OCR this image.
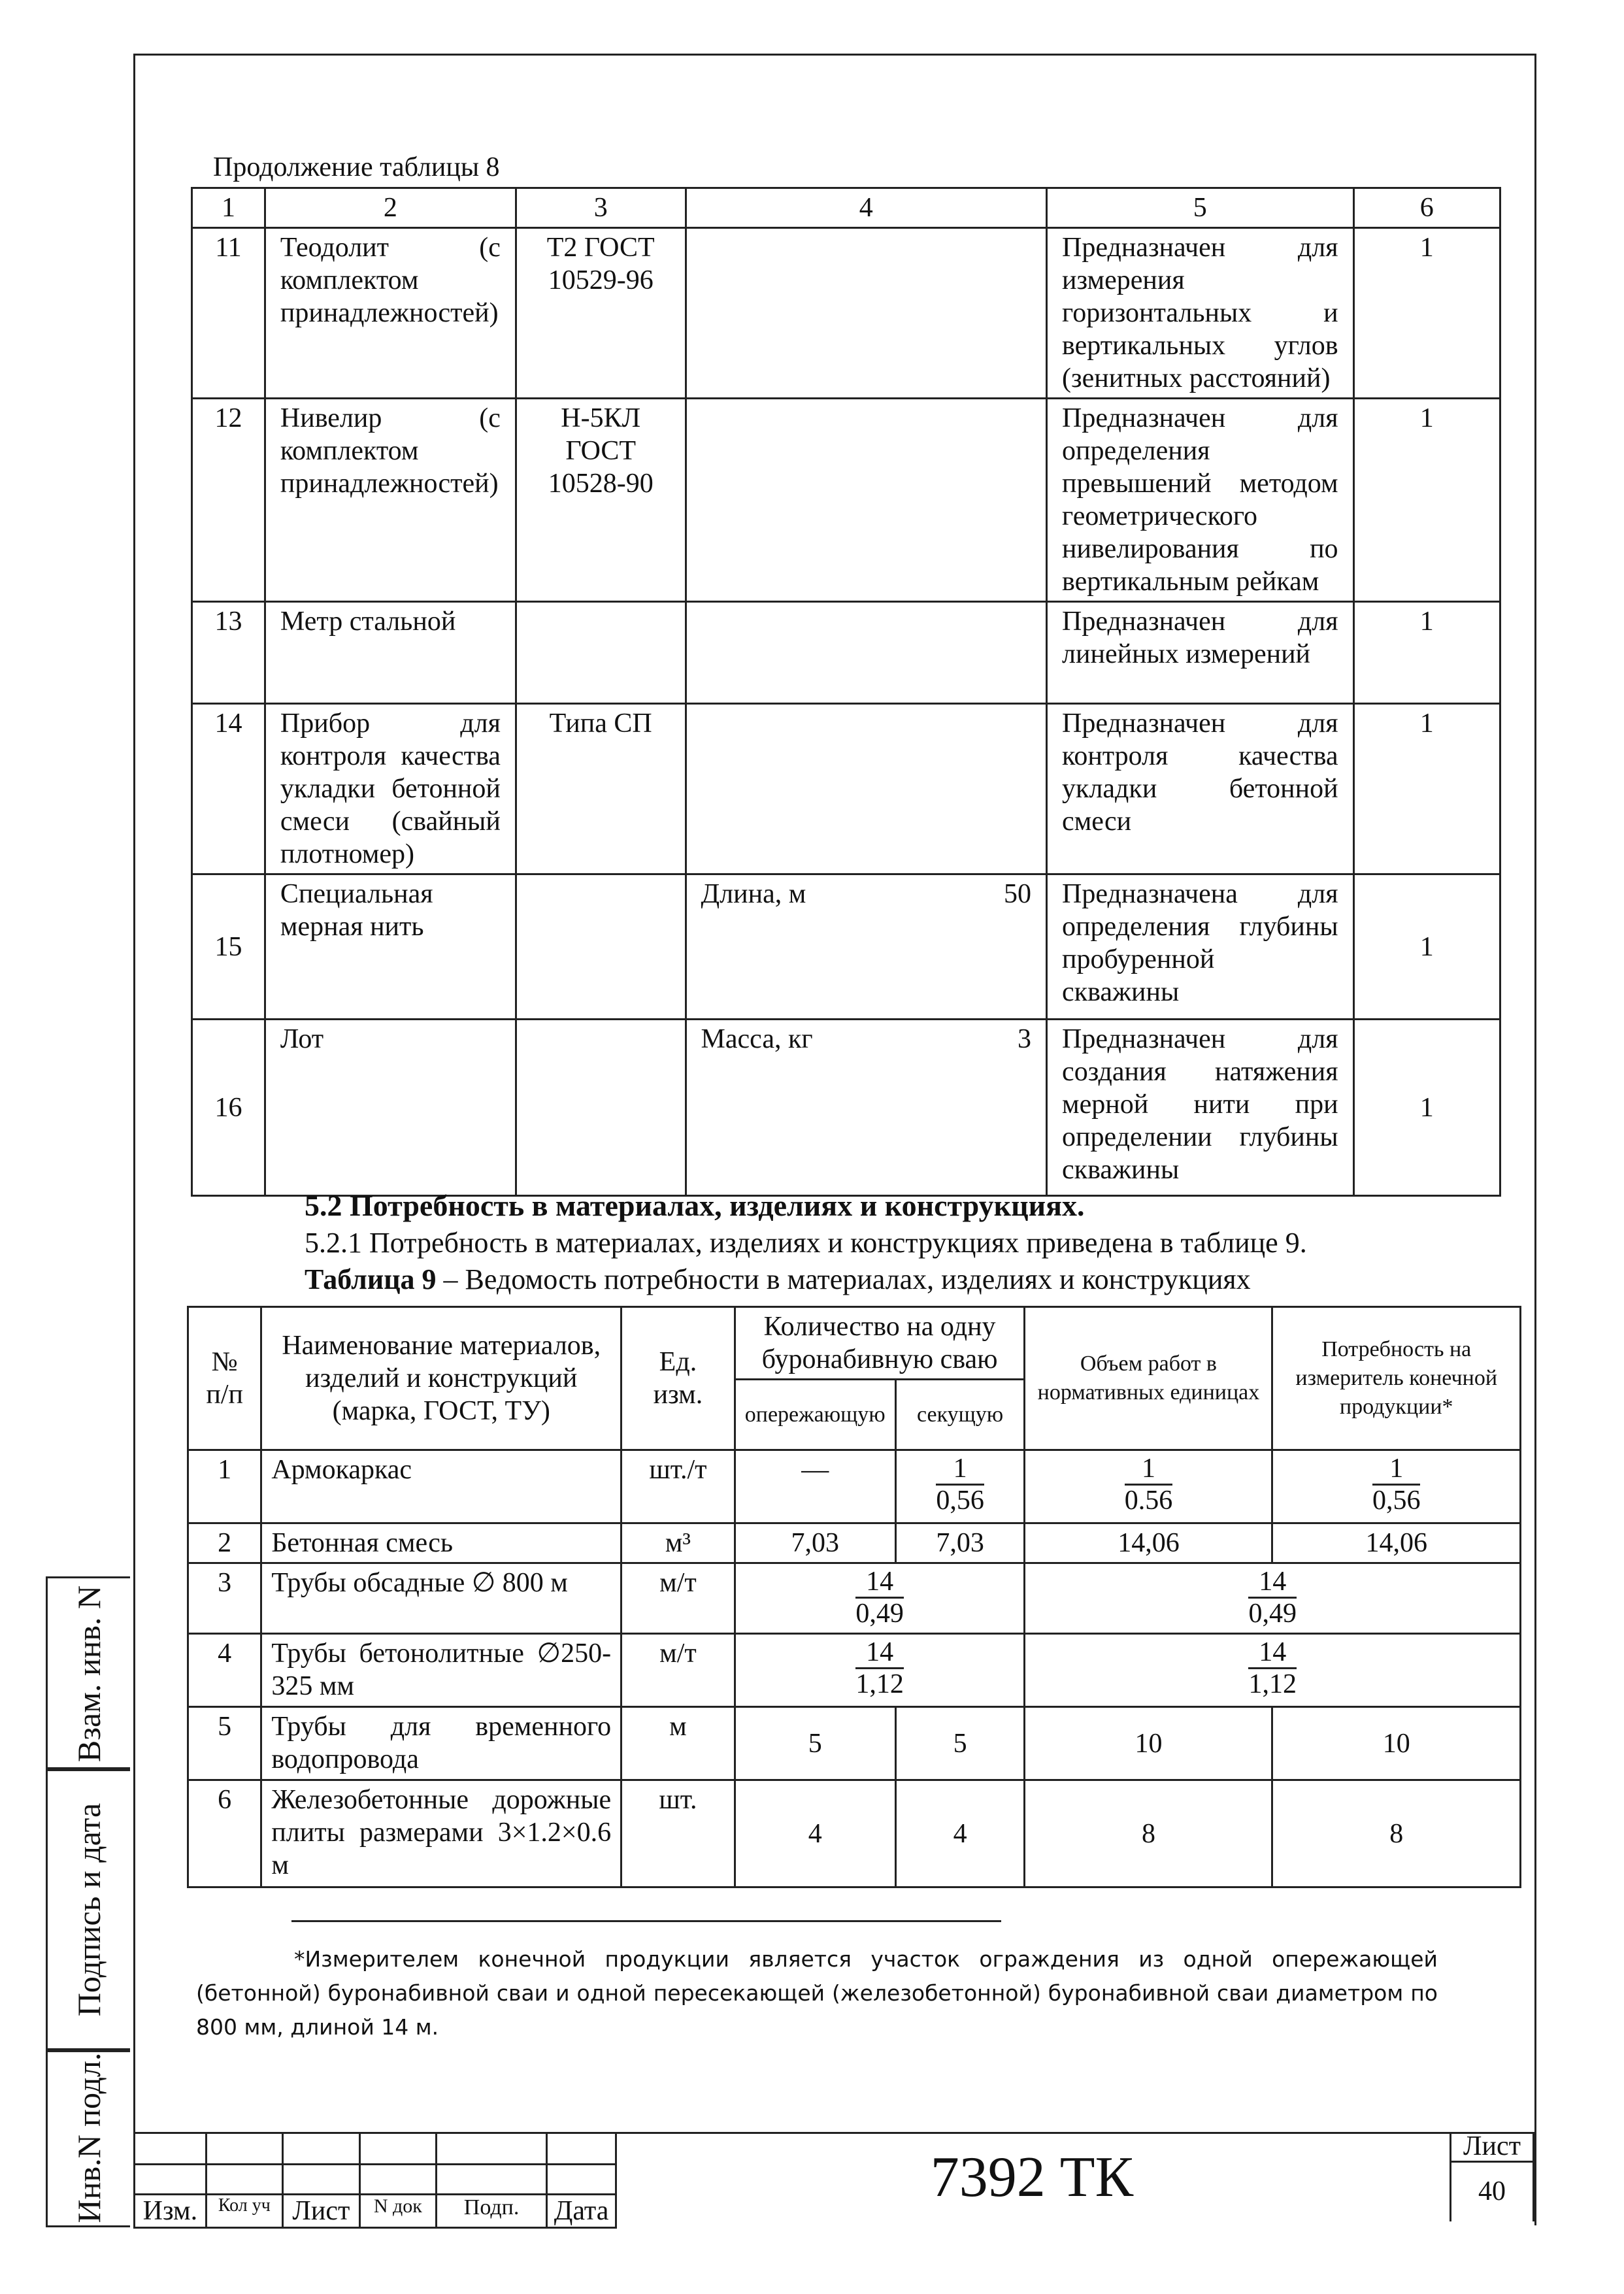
Продолжение таблицы 8
1	2	3	4	5	6
11	Теодолит (с комплектом принадлежностей)	Т2 ГОСТ 10529-96		Предназначен для измерения горизонтальных и вертикальных углов (зенитных расстояний)	1
12	Нивелир (с комплектом принадлежностей)	Н-5КЛ ГОСТ 10528-90		Предназначен для определения превышений методом геометрического нивелирования по вертикальным рейкам	1
13	Метр стальной			Предназначен для линейных измерений	1
14	Прибор для контроля качества укладки бетонной смеси (свайный плотномер)	Типа СП		Предназначен для контроля качества укладки бетонной смеси	1
15	Специальная мерная нить		Длина, м 50	Предназначена для определения глубины пробуренной скважины	1
16	Лот		Масса, кг 3	Предназначен для создания натяжения мерной нити при определении глубины скважины	1
5.2 Потребность в материалах, изделиях и конструкциях.
5.2.1 Потребность в материалах, изделиях и конструкциях приведена в таблице 9.
Таблица 9 – Ведомость потребности в материалах, изделиях и конструкциях
№ п/п	Наименование материалов, изделий и конструкций (марка, ГОСТ, ТУ)	Ед. изм.	Количество на одну буронабивную сваю		Объем работ в нормативных единицах	Потребность на измеритель конечной продукции*
			опережающую	секущую		
1	Армокаркас	шт./т	—	$\frac{1}{0,56}$	$\frac{1}{0.56}$	$\frac{1}{0,56}$

2	Бетонная смесь	м³	7,03	7,03	14,06	14,06
3	Трубы обсадные ∅ 800 м	м/т	$\frac{14}{0,49}$		$\frac{14}{0,49}$

4	Трубы бетонолитные ∅250-325 мм	м/т	$\frac{14}{1,12}$		$\frac{14}{1,12}$

5	Трубы для временного водопровода	м	5	5	10	10
6	Железобетонные дорожные плиты размерами 3×1.2×0.6 м	шт.	4	4	8	8
*Измерителем конечной продукции является участок ограждения из одной опережающей (бетонной) буронабивной сваи и одной пересекающей (железобетонной) буронабивной сваи диаметром по 800 мм, длиной 14 м.
Взам. инв. N
Подпись и дата
Инв.N подл.

					Изм.	Кол уч	Лист	N док	Подп.	Дата
7392 ТК	Лист
40
